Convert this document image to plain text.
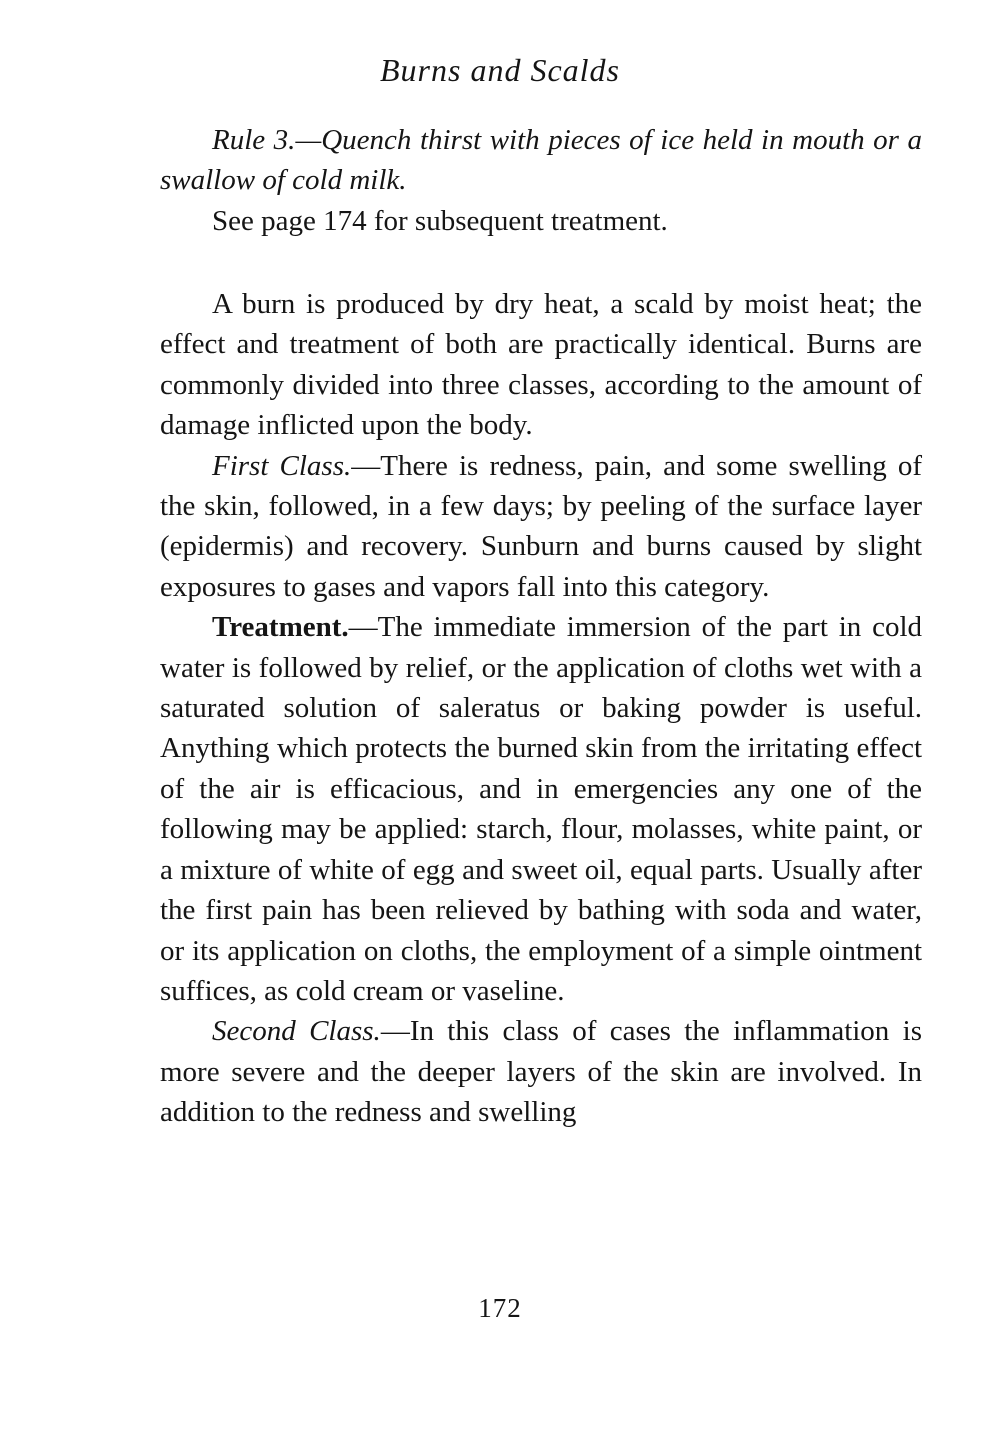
Burns and Scalds

Rule 3.—Quench thirst with pieces of ice held in mouth or a swallow of cold milk.

See page 174 for subsequent treatment.

A burn is produced by dry heat, a scald by moist heat; the effect and treatment of both are practically identical. Burns are commonly divided into three classes, according to the amount of damage inflicted upon the body.

First Class.—There is redness, pain, and some swelling of the skin, followed, in a few days; by peeling of the surface layer (epidermis) and recovery. Sunburn and burns caused by slight exposures to gases and vapors fall into this category.

Treatment.—The immediate immersion of the part in cold water is followed by relief, or the application of cloths wet with a saturated solution of saleratus or baking powder is useful. Anything which protects the burned skin from the irritating effect of the air is efficacious, and in emergencies any one of the following may be applied: starch, flour, molasses, white paint, or a mixture of white of egg and sweet oil, equal parts. Usually after the first pain has been relieved by bathing with soda and water, or its application on cloths, the employment of a simple ointment suffices, as cold cream or vaseline.

Second Class.—In this class of cases the inflammation is more severe and the deeper layers of the skin are involved. In addition to the redness and swelling

172
